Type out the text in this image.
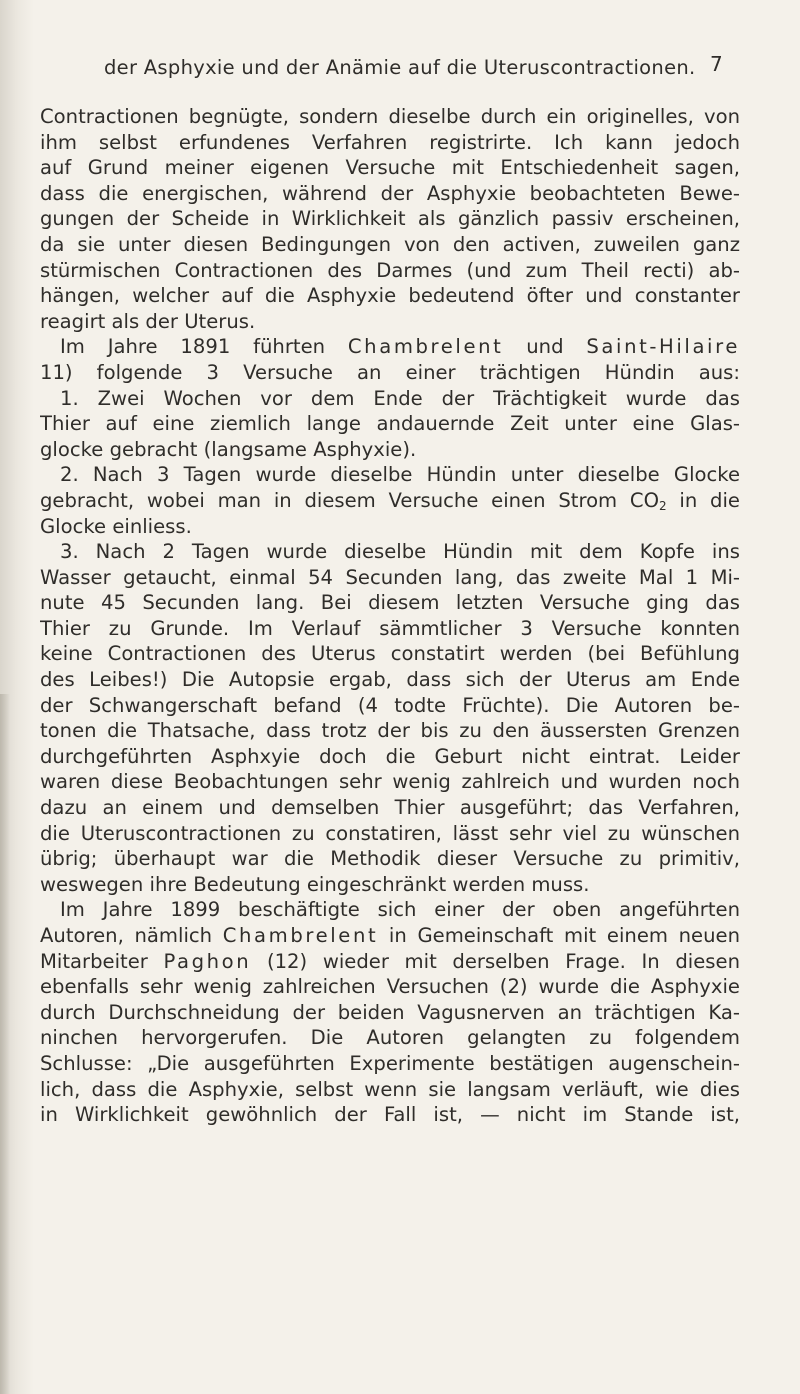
der Asphyxie und der Anämie auf die Uteruscontractionen. 7
Contractionen begnügte, sondern dieselbe durch ein originelles, von
ihm selbst erfundenes Verfahren registrirte. Ich kann jedoch
auf Grund meiner eigenen Versuche mit Entschiedenheit sagen,
dass die energischen, während der Asphyxie beobachteten Bewe-
gungen der Scheide in Wirklichkeit als gänzlich passiv erscheinen,
da sie unter diesen Bedingungen von den activen, zuweilen ganz
stürmischen Contractionen des Darmes (und zum Theil recti) ab-
hängen, welcher auf die Asphyxie bedeutend öfter und constanter
reagirt als der Uterus.
Im Jahre 1891 führten Chambrelent und Saint-Hilaire
11) folgende 3 Versuche an einer trächtigen Hündin aus:
1. Zwei Wochen vor dem Ende der Trächtigkeit wurde das
Thier auf eine ziemlich lange andauernde Zeit unter eine Glas-
glocke gebracht (langsame Asphyxie).
2. Nach 3 Tagen wurde dieselbe Hündin unter dieselbe Glocke
gebracht, wobei man in diesem Versuche einen Strom $CO_2$ in die
Glocke einliess.
3. Nach 2 Tagen wurde dieselbe Hündin mit dem Kopfe ins
Wasser getaucht, einmal 54 Secunden lang, das zweite Mal 1 Mi-
nute 45 Secunden lang. Bei diesem letzten Versuche ging das
Thier zu Grunde. Im Verlauf sämmtlicher 3 Versuche konnten
keine Contractionen des Uterus constatirt werden (bei Befühlung
des Leibes!) Die Autopsie ergab, dass sich der Uterus am Ende
der Schwangerschaft befand (4 todte Früchte). Die Autoren be-
tonen die Thatsache, dass trotz der bis zu den äussersten Grenzen
durchgeführten Asphxyie doch die Geburt nicht eintrat. Leider
waren diese Beobachtungen sehr wenig zahlreich und wurden noch
dazu an einem und demselben Thier ausgeführt; das Verfahren,
die Uteruscontractionen zu constatiren, lässt sehr viel zu wünschen
übrig; überhaupt war die Methodik dieser Versuche zu primitiv,
weswegen ihre Bedeutung eingeschränkt werden muss.
Im Jahre 1899 beschäftigte sich einer der oben angeführten
Autoren, nämlich Chambrelent in Gemeinschaft mit einem neuen
Mitarbeiter Paghon (12) wieder mit derselben Frage. In diesen
ebenfalls sehr wenig zahlreichen Versuchen (2) wurde die Asphyxie
durch Durchschneidung der beiden Vagusnerven an trächtigen Ka-
ninchen hervorgerufen. Die Autoren gelangten zu folgendem
Schlusse: „Die ausgeführten Experimente bestätigen augenschein-
lich, dass die Asphyxie, selbst wenn sie langsam verläuft, wie dies
in Wirklichkeit gewöhnlich der Fall ist, — nicht im Stande ist,
